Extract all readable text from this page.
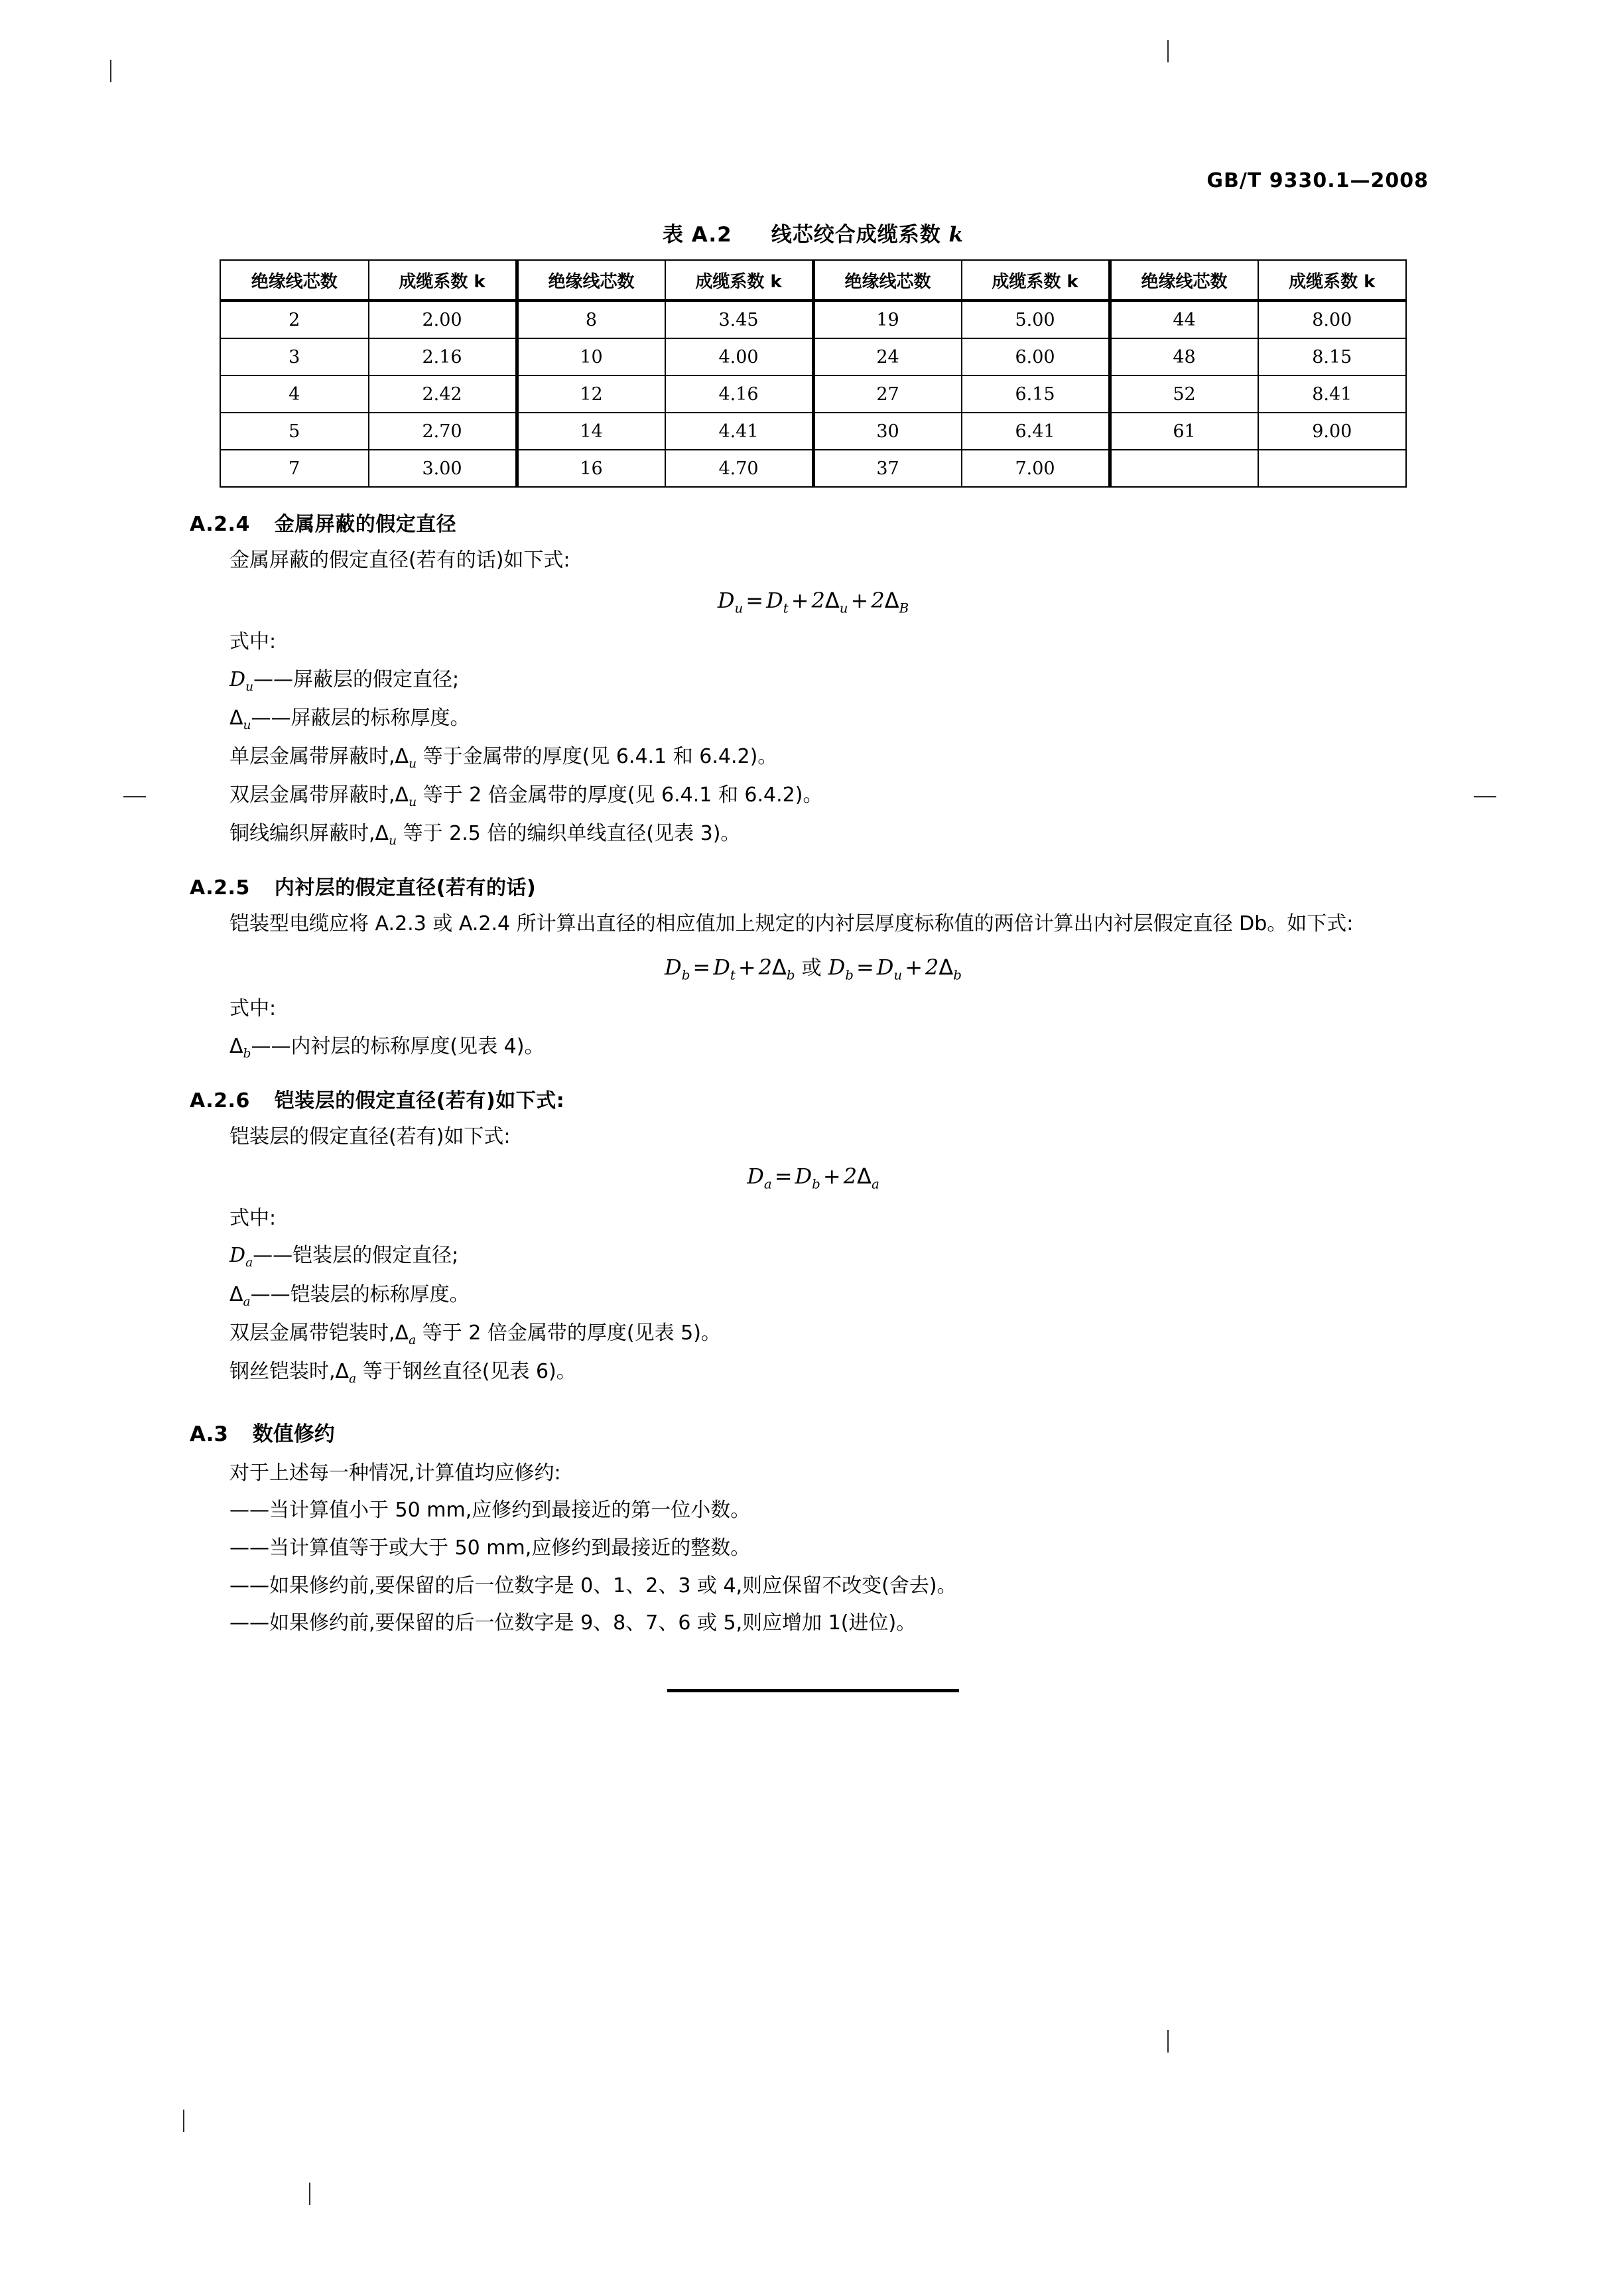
GB/T 9330.1—2008
表 A.2 线芯绞合成缆系数 k
绝缘线芯数	成缆系数 k	绝缘线芯数	成缆系数 k	绝缘线芯数	成缆系数 k	绝缘线芯数	成缆系数 k
2	2.00	8	3.45	19	5.00	44	8.00
3	2.16	10	4.00	24	6.00	48	8.15
4	2.42	12	4.16	27	6.15	52	8.41
5	2.70	14	4.41	30	6.41	61	9.00
7	3.00	16	4.70	37	7.00		
A.2.4 金属屏蔽的假定直径

金属屏蔽的假定直径(若有的话)如下式:

$D_u = D_t + 2\Delta_u + 2\Delta_B$

式中:

$D_u——$屏蔽层的假定直径;

$\Delta_u——$屏蔽层的标称厚度。

单层金属带屏蔽时$,\Delta_u$ 等于金属带的厚度(见 6.4.1 和 6.4.2)。

双层金属带屏蔽时$,\Delta_u$ 等于 2 倍金属带的厚度(见 6.4.1 和 6.4.2)。

铜线编织屏蔽时$,\Delta_u$ 等于 2.5 倍的编织单线直径(见表 3)。

A.2.5 内衬层的假定直径(若有的话)

铠装型电缆应将 A.2.3 或 A.2.4 所计算出直径的相应值加上规定的内衬层厚度标称值的两倍计算出内衬层假定直径 Db。如下式:

$D_b = D_t + 2\Delta_b$ 或 $D_b = D_u + 2\Delta_b$

式中:

$\Delta_b——$内衬层的标称厚度(见表 4)。

A.2.6 铠装层的假定直径(若有)如下式:

铠装层的假定直径(若有)如下式:

$D_a = D_b + 2\Delta_a$

式中:

$D_a——$铠装层的假定直径;

$\Delta_a——$铠装层的标称厚度。

双层金属带铠装时$,\Delta_a$ 等于 2 倍金属带的厚度(见表 5)。

钢丝铠装时$,\Delta_a$ 等于钢丝直径(见表 6)。

A.3 数值修约

对于上述每一种情况,计算值均应修约:

——当计算值小于 50 mm,应修约到最接近的第一位小数。

——当计算值等于或大于 50 mm,应修约到最接近的整数。

——如果修约前,要保留的后一位数字是 0、1、2、3 或 4,则应保留不改变(舍去)。

——如果修约前,要保留的后一位数字是 9、8、7、6 或 5,则应增加 1(进位)。
